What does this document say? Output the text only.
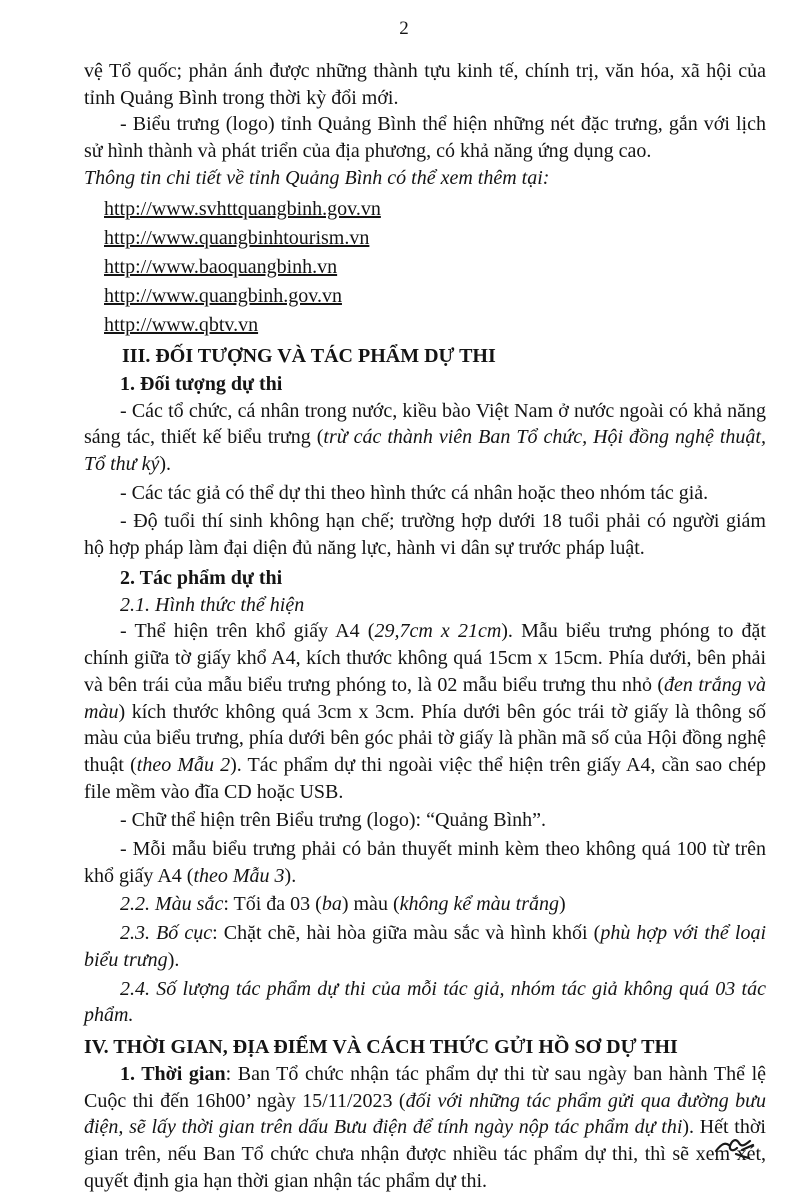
2

vệ Tổ quốc; phản ánh được những thành tựu kinh tế, chính trị, văn hóa, xã hội của tỉnh Quảng Bình trong thời kỳ đổi mới.

- Biểu trưng (logo) tỉnh Quảng Bình thể hiện những nét đặc trưng, gắn với lịch sử hình thành và phát triển của địa phương, có khả năng ứng dụng cao.

Thông tin chi tiết về tỉnh Quảng Bình có thể xem thêm tại:

http://www.svhttquangbinh.gov.vn
http://www.quangbinhtourism.vn
http://www.baoquangbinh.vn
http://www.quangbinh.gov.vn
http://www.qbtv.vn
III. ĐỐI TƯỢNG VÀ TÁC PHẨM DỰ THI
1. Đối tượng dự thi

- Các tổ chức, cá nhân trong nước, kiều bào Việt Nam ở nước ngoài có khả năng sáng tác, thiết kế biểu trưng (trừ các thành viên Ban Tổ chức, Hội đồng nghệ thuật, Tổ thư ký).

- Các tác giả có thể dự thi theo hình thức cá nhân hoặc theo nhóm tác giả.

- Độ tuổi thí sinh không hạn chế; trường hợp dưới 18 tuổi phải có người giám hộ hợp pháp làm đại diện đủ năng lực, hành vi dân sự trước pháp luật.

2. Tác phẩm dự thi

2.1. Hình thức thể hiện

- Thể hiện trên khổ giấy A4 (29,7cm x 21cm). Mẫu biểu trưng phóng to đặt chính giữa tờ giấy khổ A4, kích thước không quá 15cm x 15cm. Phía dưới, bên phải và bên trái của mẫu biểu trưng phóng to, là 02 mẫu biểu trưng thu nhỏ (đen trắng và màu) kích thước không quá 3cm x 3cm. Phía dưới bên góc trái tờ giấy là thông số màu của biểu trưng, phía dưới bên góc phải tờ giấy là phần mã số của Hội đồng nghệ thuật (theo Mẫu 2). Tác phẩm dự thi ngoài việc thể hiện trên giấy A4, cần sao chép file mềm vào đĩa CD hoặc USB.

- Chữ thể hiện trên Biểu trưng (logo): “Quảng Bình”.

- Mỗi mẫu biểu trưng phải có bản thuyết minh kèm theo không quá 100 từ trên khổ giấy A4 (theo Mẫu 3).

2.2. Màu sắc: Tối đa 03 (ba) màu (không kể màu trắng)

2.3. Bố cục: Chặt chẽ, hài hòa giữa màu sắc và hình khối (phù hợp với thể loại biểu trưng).

2.4. Số lượng tác phẩm dự thi của mỗi tác giả, nhóm tác giả không quá 03 tác phẩm.

IV. THỜI GIAN, ĐỊA ĐIỂM VÀ CÁCH THỨC GỬI HỒ SƠ DỰ THI

1. Thời gian: Ban Tổ chức nhận tác phẩm dự thi từ sau ngày ban hành Thể lệ Cuộc thi đến 16h00’ ngày 15/11/2023 (đối với những tác phẩm gửi qua đường bưu điện, sẽ lấy thời gian trên dấu Bưu điện để tính ngày nộp tác phẩm dự thi). Hết thời gian trên, nếu Ban Tổ chức chưa nhận được nhiều tác phẩm dự thi, thì sẽ xem xét, quyết định gia hạn thời gian nhận tác phẩm dự thi.
